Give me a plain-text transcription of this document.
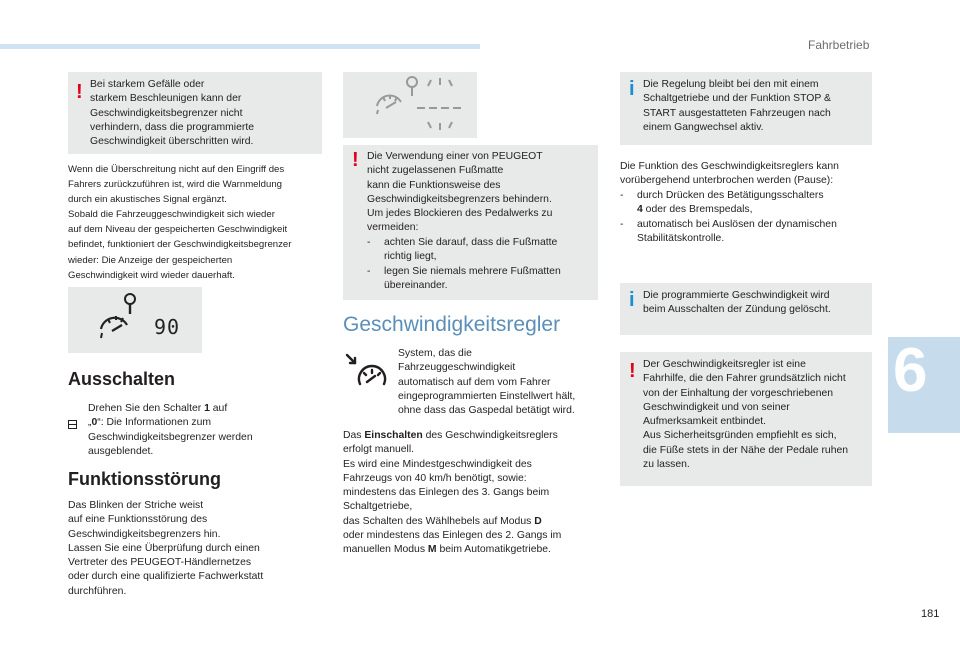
Fahrbetrieb
6
181
! Bei starkem Gefälle oder
starkem Beschleunigen kann der
Geschwindigkeitsbegrenzer nicht
verhindern, dass die programmierte
Geschwindigkeit überschritten wird.
Wenn die Überschreitung nicht auf den Eingriff des
Fahrers zurückzuführen ist, wird die Warnmeldung
durch ein akustisches Signal ergänzt.
Sobald die Fahrzeuggeschwindigkeit sich wieder
auf dem Niveau der gespeicherten Geschwindigkeit
befindet, funktioniert der Geschwindigkeitsbegrenzer
wieder: Die Anzeige der gespeicherten
Geschwindigkeit wird wieder dauerhaft.
90
Ausschalten

Drehen Sie den Schalter 1 auf
„0“: Die Informationen zum
Geschwindigkeitsbegrenzer werden
ausgeblendet.
Funktionsstörung
Das Blinken der Striche weist
auf eine Funktionsstörung des
Geschwindigkeitsbegrenzers hin.
Lassen Sie eine Überprüfung durch einen
Vertreter des PEUGEOT-Händlernetzes
oder durch eine qualifizierte Fachwerkstatt
durchführen.
! Die Verwendung einer von PEUGEOT
nicht zugelassenen Fußmatte
kann die Funktionsweise des
Geschwindigkeitsbegrenzers behindern.
Um jedes Blockieren des Pedalwerks zu
vermeiden:
-	achten Sie darauf, dass die Fußmatte
richtig liegt,
-	legen Sie niemals mehrere Fußmatten
übereinander.
Geschwindigkeitsregler
System, das die
Fahrzeuggeschwindigkeit
automatisch auf dem vom Fahrer
eingeprogrammierten Einstellwert hält,
ohne dass das Gaspedal betätigt wird.
Das Einschalten des Geschwindigkeitsreglers
erfolgt manuell.
Es wird eine Mindestgeschwindigkeit des
Fahrzeugs von 40 km/h benötigt, sowie:
mindestens das Einlegen des 3. Gangs beim
Schaltgetriebe,
das Schalten des Wählhebels auf Modus D
oder mindestens das Einlegen des 2. Gangs im
manuellen Modus M beim Automatikgetriebe.
i Die Regelung bleibt bei den mit einem
Schaltgetriebe und der Funktion STOP &
START ausgestatteten Fahrzeugen nach
einem Gangwechsel aktiv.
Die Funktion des Geschwindigkeitsreglers kann
vorübergehend unterbrochen werden (Pause):
-	durch Drücken des Betätigungsschalters
4 oder des Bremspedals,
-	automatisch bei Auslösen der dynamischen
Stabilitätskontrolle.
i Die programmierte Geschwindigkeit wird
beim Ausschalten der Zündung gelöscht.
! Der Geschwindigkeitsregler ist eine
Fahrhilfe, die den Fahrer grundsätzlich nicht
von der Einhaltung der vorgeschriebenen
Geschwindigkeit und von seiner
Aufmerksamkeit entbindet.
Aus Sicherheitsgründen empfiehlt es sich,
die Füße stets in der Nähe der Pedale ruhen
zu lassen.
